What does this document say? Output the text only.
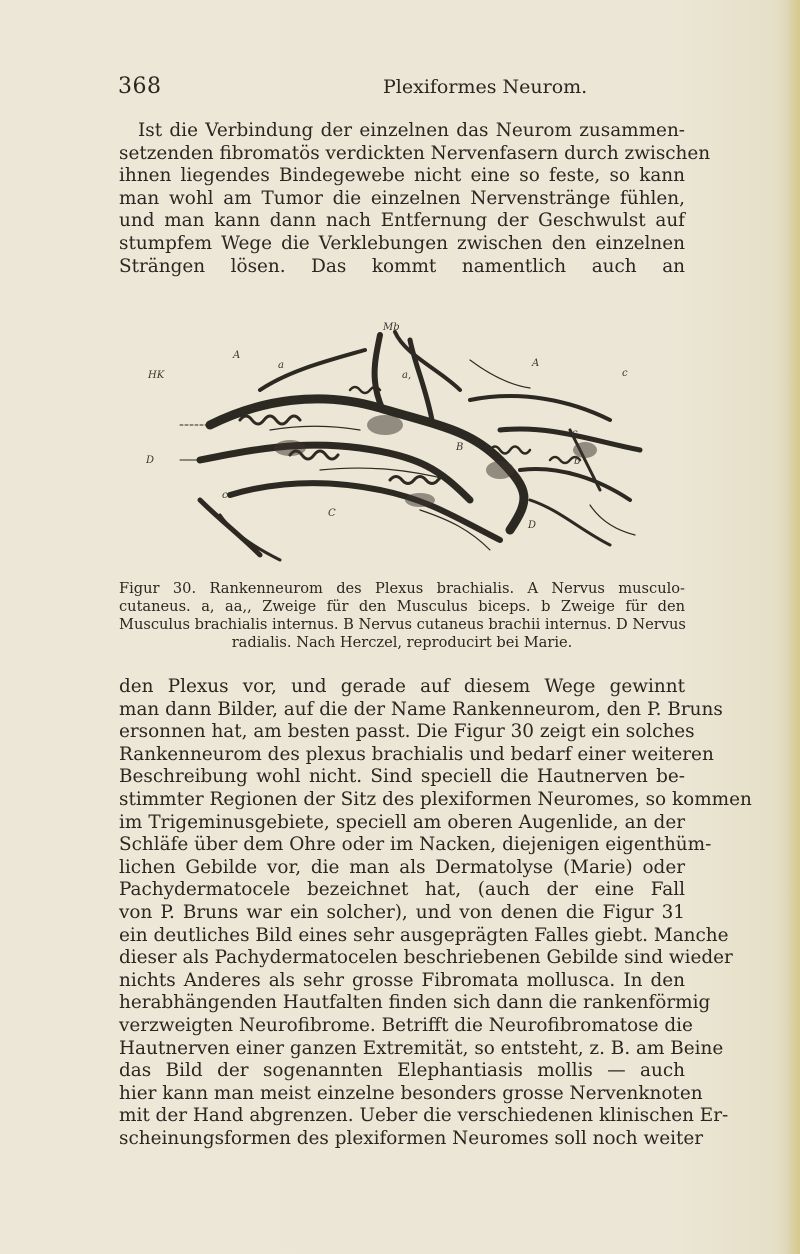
368	Plexiformes Neurom.
Ist die Verbindung der einzelnen das Neurom zusammen-
setzenden fibromatös verdickten Nervenfasern durch zwischen
ihnen liegendes Bindegewebe nicht eine so feste, so kann
man wohl am Tumor die einzelnen Nervenstränge fühlen,
und man kann dann nach Entfernung der Geschwulst auf
stumpfem Wege die Verklebungen zwischen den einzelnen
Strängen lösen. Das kommt namentlich auch an
Mb
A
a
HK
A
c
a,
D
B
b
c
C
c
D
Figur 30. Rankenneurom des Plexus brachialis. A Nervus musculo-
cutaneus. a, aa,, Zweige für den Musculus biceps. b Zweige für den
Musculus brachialis internus. B Nervus cutaneus brachii internus. D Nervus
radialis. Nach Herczel, reproducirt bei Marie.
den Plexus vor, und gerade auf diesem Wege gewinnt
man dann Bilder, auf die der Name Rankenneurom, den P. Bruns
ersonnen hat, am besten passt. Die Figur 30 zeigt ein solches
Rankenneurom des plexus brachialis und bedarf einer weiteren
Beschreibung wohl nicht. Sind speciell die Hautnerven be-
stimmter Regionen der Sitz des plexiformen Neuromes, so kommen
im Trigeminusgebiete, speciell am oberen Augenlide, an der
Schläfe über dem Ohre oder im Nacken, diejenigen eigenthüm-
lichen Gebilde vor, die man als Dermatolyse (Marie) oder
Pachydermatocele bezeichnet hat, (auch der eine Fall
von P. Bruns war ein solcher), und von denen die Figur 31
ein deutliches Bild eines sehr ausgeprägten Falles giebt. Manche
dieser als Pachydermatocelen beschriebenen Gebilde sind wieder
nichts Anderes als sehr grosse Fibromata mollusca. In den
herabhängenden Hautfalten finden sich dann die rankenförmig
verzweigten Neurofibrome. Betrifft die Neurofibromatose die
Hautnerven einer ganzen Extremität, so entsteht, z. B. am Beine
das Bild der sogenannten Elephantiasis mollis — auch
hier kann man meist einzelne besonders grosse Nervenknoten
mit der Hand abgrenzen. Ueber die verschiedenen klinischen Er-
scheinungsformen des plexiformen Neuromes soll noch weiter
